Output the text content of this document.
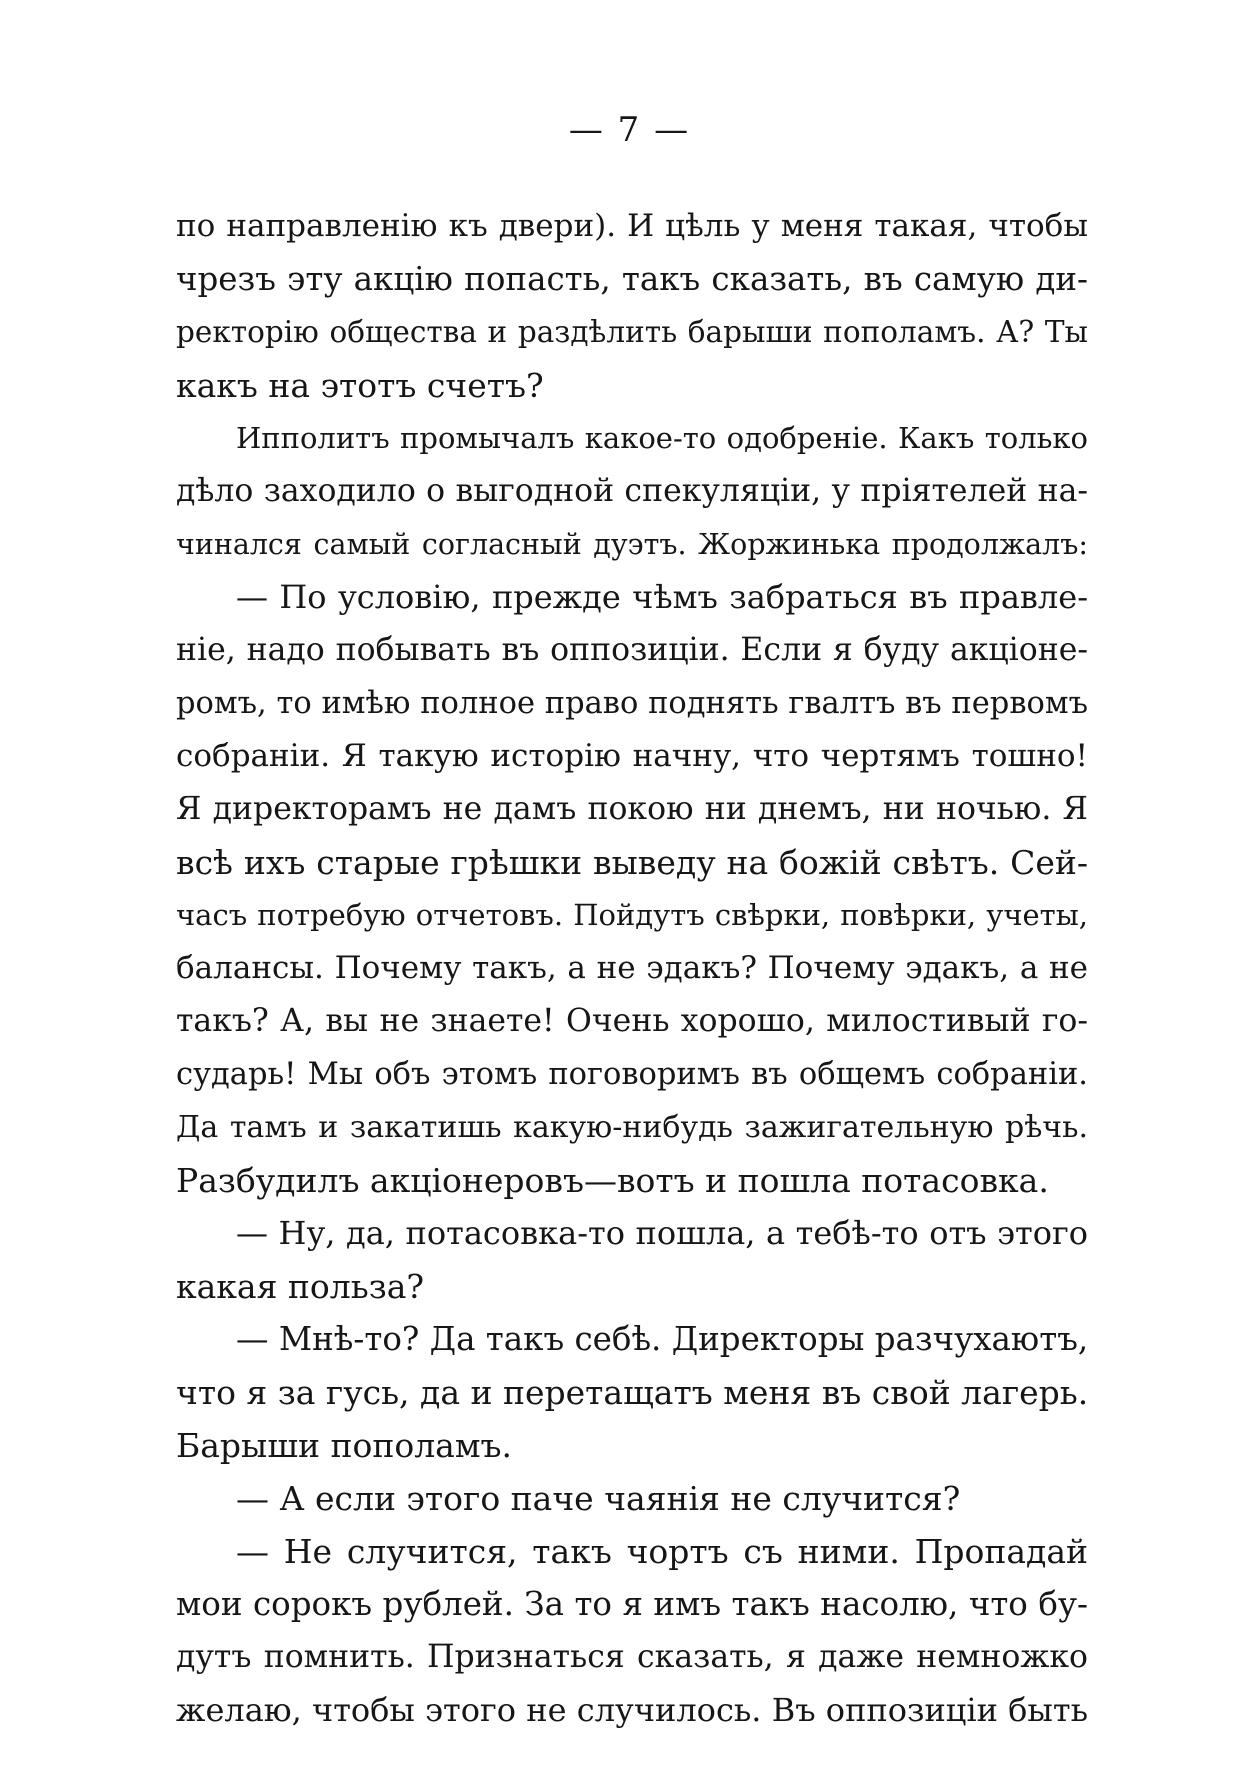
— 7 —
по направленію къ двери). И цѣль у меня такая, чтобы
чрезъ эту акцію попасть, такъ сказать, въ самую ди-
ректорію общества и раздѣлить барыши пополамъ. А? Ты
какъ на этотъ счетъ?
Ипполитъ промычалъ какое-то одобреніе. Какъ только
дѣло заходило о выгодной спекуляціи, у пріятелей на-
чинался самый согласный дуэтъ. Жоржинька продолжалъ:
— По условію, прежде чѣмъ забраться въ правле-
ніе, надо побывать въ оппозиціи. Если я буду акціоне-
ромъ, то имѣю полное право поднять гвалтъ въ первомъ
собраніи. Я такую исторію начну, что чертямъ тошно!
Я директорамъ не дамъ покою ни днемъ, ни ночью. Я
всѣ ихъ старые грѣшки выведу на божій свѣтъ. Сей-
часъ потребую отчетовъ. Пойдутъ свѣрки, повѣрки, учеты,
балансы. Почему такъ, а не эдакъ? Почему эдакъ, а не
такъ? А, вы не знаете! Очень хорошо, милостивый го-
сударь! Мы объ этомъ поговоримъ въ общемъ собраніи.
Да тамъ и закатишь какую-нибудь зажигательную рѣчь.
Разбудилъ акціонеровъ—вотъ и пошла потасовка.
— Ну, да, потасовка-то пошла, а тебѣ-то отъ этого
какая польза?
— Мнѣ-то? Да такъ себѣ. Директоры разчухаютъ,
что я за гусь, да и перетащатъ меня въ свой лагерь.
Барыши пополамъ.
— А если этого паче чаянія не случится?
— Не случится, такъ чортъ съ ними. Пропадай
мои сорокъ рублей. За то я имъ такъ насолю, что бу-
дутъ помнить. Признаться сказать, я даже немножко
желаю, чтобы этого не случилось. Въ оппозиціи быть
